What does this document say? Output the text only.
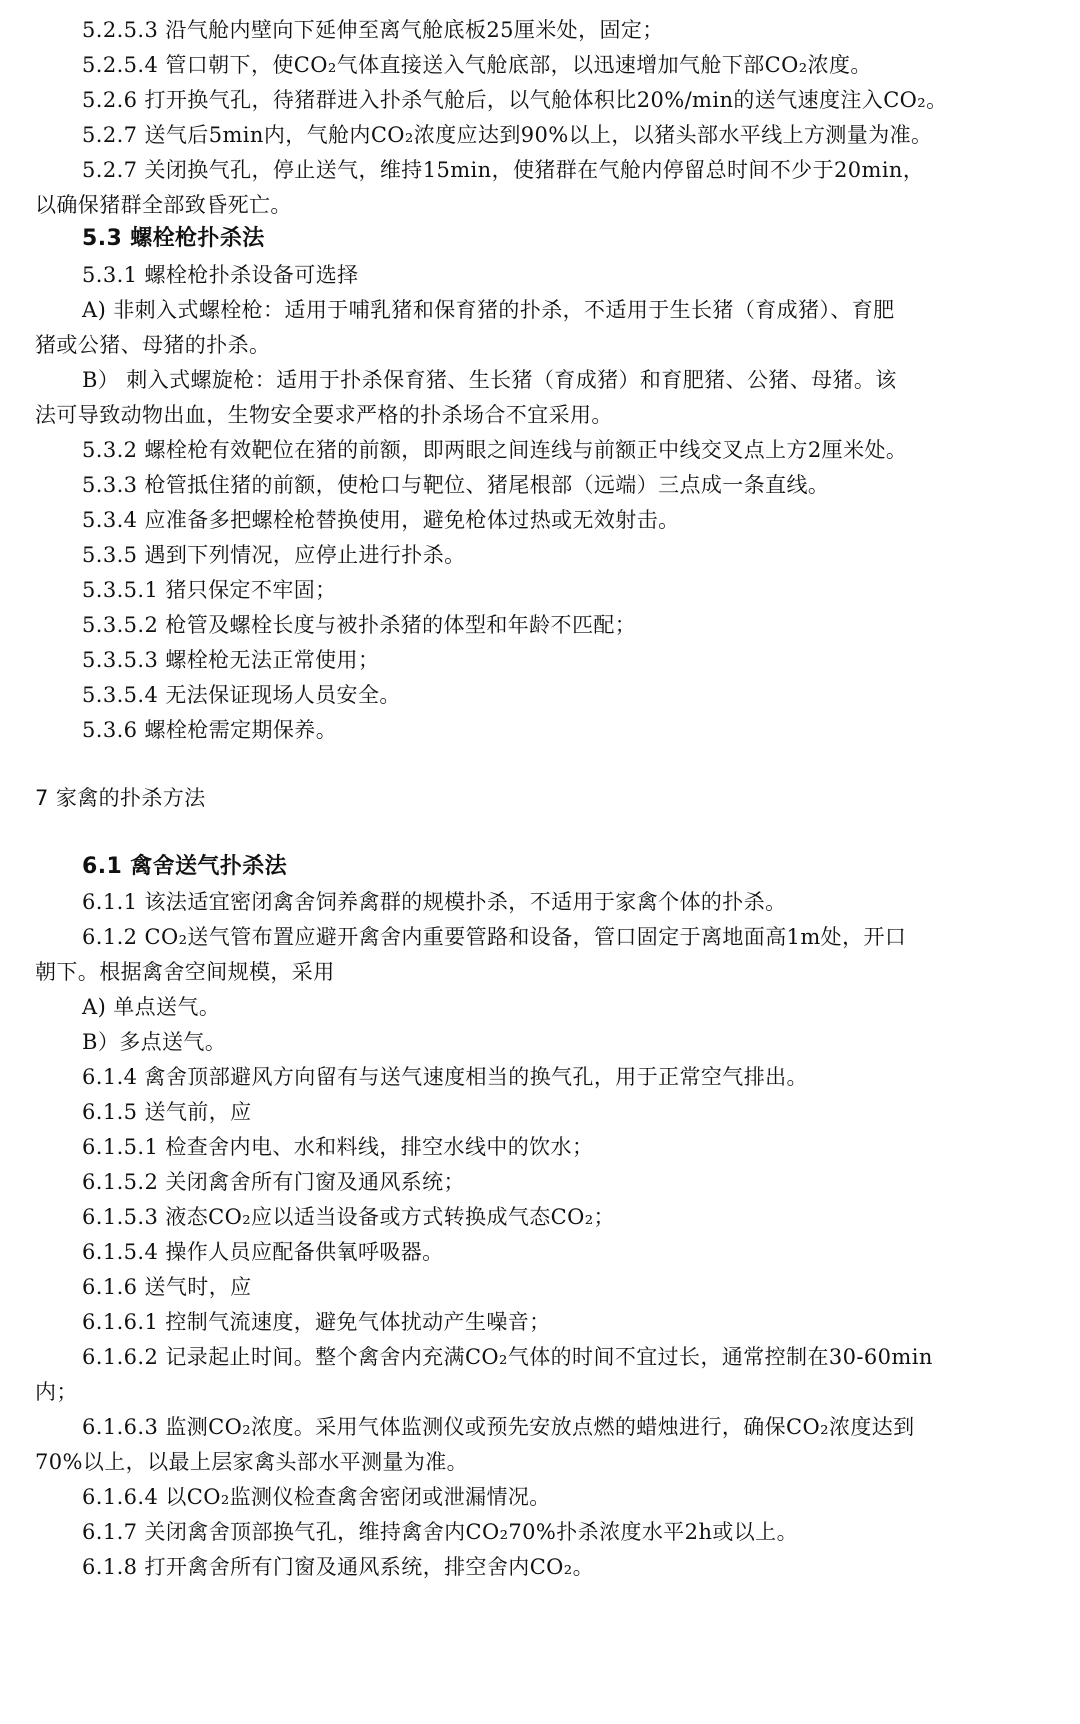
5.2.5.3 沿气舱内壁向下延伸至离气舱底板25厘米处，固定；
5.2.5.4 管口朝下，使CO₂气体直接送入气舱底部，以迅速增加气舱下部CO₂浓度。
5.2.6 打开换气孔，待猪群进入扑杀气舱后，以气舱体积比20%/min的送气速度注入CO₂。
5.2.7 送气后5min内，气舱内CO₂浓度应达到90%以上，以猪头部水平线上方测量为准。
5.2.7 关闭换气孔，停止送气，维持15min，使猪群在气舱内停留总时间不少于20min，
以确保猪群全部致昏死亡。
5.3 螺栓枪扑杀法
5.3.1 螺栓枪扑杀设备可选择
A) 非刺入式螺栓枪：适用于哺乳猪和保育猪的扑杀，不适用于生长猪（育成猪）、育肥
猪或公猪、母猪的扑杀。
B） 刺入式螺旋枪：适用于扑杀保育猪、生长猪（育成猪）和育肥猪、公猪、母猪。该
法可导致动物出血，生物安全要求严格的扑杀场合不宜采用。
5.3.2 螺栓枪有效靶位在猪的前额，即两眼之间连线与前额正中线交叉点上方2厘米处。
5.3.3 枪管抵住猪的前额，使枪口与靶位、猪尾根部（远端）三点成一条直线。
5.3.4 应准备多把螺栓枪替换使用，避免枪体过热或无效射击。
5.3.5 遇到下列情况，应停止进行扑杀。
5.3.5.1 猪只保定不牢固；
5.3.5.2 枪管及螺栓长度与被扑杀猪的体型和年龄不匹配；
5.3.5.3 螺栓枪无法正常使用；
5.3.5.4 无法保证现场人员安全。
5.3.6 螺栓枪需定期保养。
7 家禽的扑杀方法
6.1 禽舍送气扑杀法
6.1.1 该法适宜密闭禽舍饲养禽群的规模扑杀，不适用于家禽个体的扑杀。
6.1.2 CO₂送气管布置应避开禽舍内重要管路和设备，管口固定于离地面高1m处，开口
朝下。根据禽舍空间规模，采用
A) 单点送气。
B）多点送气。
6.1.4 禽舍顶部避风方向留有与送气速度相当的换气孔，用于正常空气排出。
6.1.5 送气前，应
6.1.5.1 检查舍内电、水和料线，排空水线中的饮水；
6.1.5.2 关闭禽舍所有门窗及通风系统；
6.1.5.3 液态CO₂应以适当设备或方式转换成气态CO₂；
6.1.5.4 操作人员应配备供氧呼吸器。
6.1.6 送气时，应
6.1.6.1 控制气流速度，避免气体扰动产生噪音；
6.1.6.2 记录起止时间。整个禽舍内充满CO₂气体的时间不宜过长，通常控制在30-60min
内；
6.1.6.3 监测CO₂浓度。采用气体监测仪或预先安放点燃的蜡烛进行，确保CO₂浓度达到
70%以上，以最上层家禽头部水平测量为准。
6.1.6.4 以CO₂监测仪检查禽舍密闭或泄漏情况。
6.1.7 关闭禽舍顶部换气孔，维持禽舍内CO₂70%扑杀浓度水平2h或以上。
6.1.8 打开禽舍所有门窗及通风系统，排空舍内CO₂。
